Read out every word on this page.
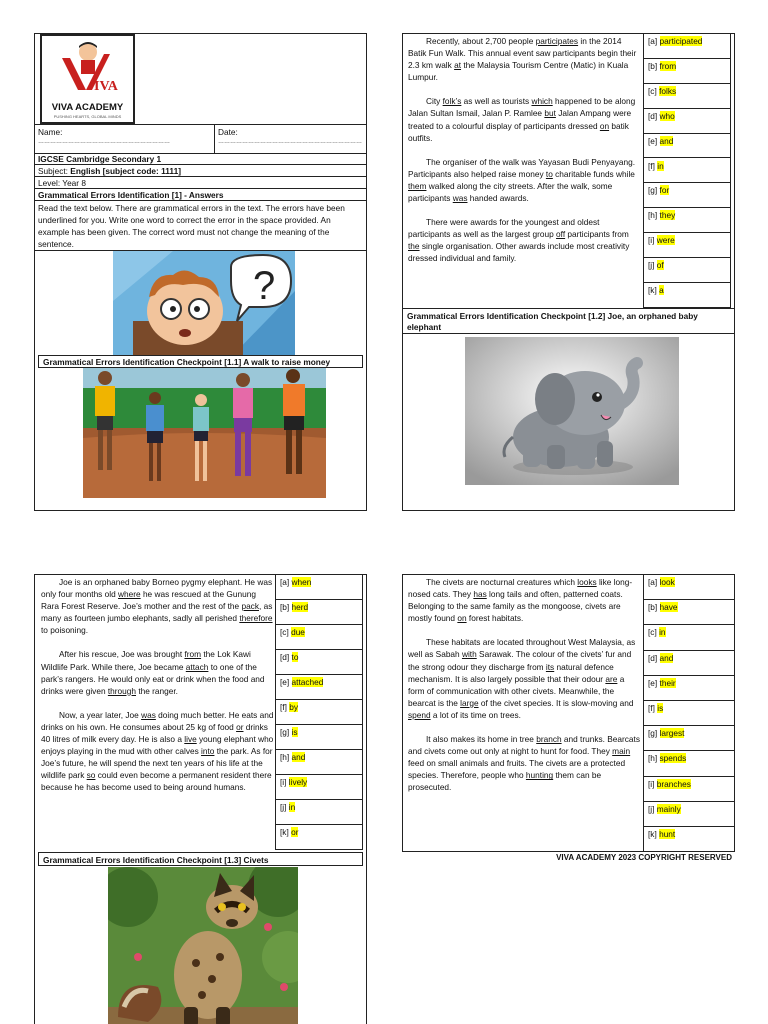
IVA
VIVA ACADEMY
PUSHING HEARTS, GLOBAL MINDS
Name:
…………………………………………………………
Date:
………………………………………………………………
IGCSE Cambridge Secondary 1
Subject: English [subject code: 1111]
Level: Year 8
Grammatical Errors Identification [1] - Answers
Read the text below. There are grammatical errors in the text. The errors have been underlined for you. Write one word to correct the error in the space provided. An example has been given. The correct word must not change the meaning of the sentence.
?
Grammatical Errors Identification Checkpoint [1.1] A walk to raise money

Recently, about 2,700 people participates in the 2014 Batik Fun Walk. This annual event saw participants begin their 2.3 km walk at the Malaysia Tourism Centre (Matic) in Kuala Lumpur.

City folk’s as well as tourists which happened to be along Jalan Sultan Ismail, Jalan P. Ramlee but Jalan Ampang were treated to a colourful display of participants dressed on batik outfits.

The organiser of the walk was Yayasan Budi Penyayang. Participants also helped raise money to charitable funds while them walked along the city streets. After the walk, some participants was handed awards.

There were awards for the youngest and oldest participants as well as the largest group off participants from the single organisation. Other awards include most creativity dressed individual and family.

[a] participated
[b] from
[c] folks
[d] who
[e] and
[f] in
[g] for
[h] they
[i] were
[j] of
[k] a
Grammatical Errors Identification Checkpoint [1.2] Joe, an orphaned baby elephant

Joe is an orphaned baby Borneo pygmy elephant. He was only four months old where he was rescued at the Gunung Rara Forest Reserve. Joe’s mother and the rest of the pack, as many as fourteen jumbo elephants, sadly all perished therefore to poisoning.

After his rescue, Joe was brought from the Lok Kawi Wildlife Park. While there, Joe became attach to one of the park’s rangers. He would only eat or drink when the food and drinks were given through the ranger.

Now, a year later, Joe was doing much better. He eats and drinks on his own. He consumes about 25 kg of food or drinks 40 litres of milk every day. He is also a live young elephant who enjoys playing in the mud with other calves into the park. As for Joe’s future, he will spend the next ten years of his life at the wildlife park so could even become a permanent resident there because he has become used to being around humans.

[a] when
[b] herd
[c] due
[d] to
[e] attached
[f] by
[g] is
[h] and
[i] lively
[j] in
[k] or
Grammatical Errors Identification Checkpoint [1.3] Civets

The civets are nocturnal creatures which looks like long-nosed cats. They has long tails and often, patterned coats. Belonging to the same family as the mongoose, civets are mostly found on forest habitats.

These habitats are located throughout West Malaysia, as well as Sabah with Sarawak. The colour of the civets’ fur and the strong odour they discharge from its natural defence mechanism. It is also largely possible that their odour are a form of communication with other civets. Meanwhile, the bearcat is the large of the civet species. It is slow-moving and spend a lot of its time on trees.

It also makes its home in tree branch and trunks. Bearcats and civets come out only at night to hunt for food. They main feed on small animals and fruits. The civets are a protected species. Therefore, people who hunting them can be prosecuted.

[a] look
[b] have
[c] in
[d] and
[e] their
[f] is
[g] largest
[h] spends
[i] branches
[j] mainly
[k] hunt
VIVA ACADEMY 2023 COPYRIGHT RESERVED
